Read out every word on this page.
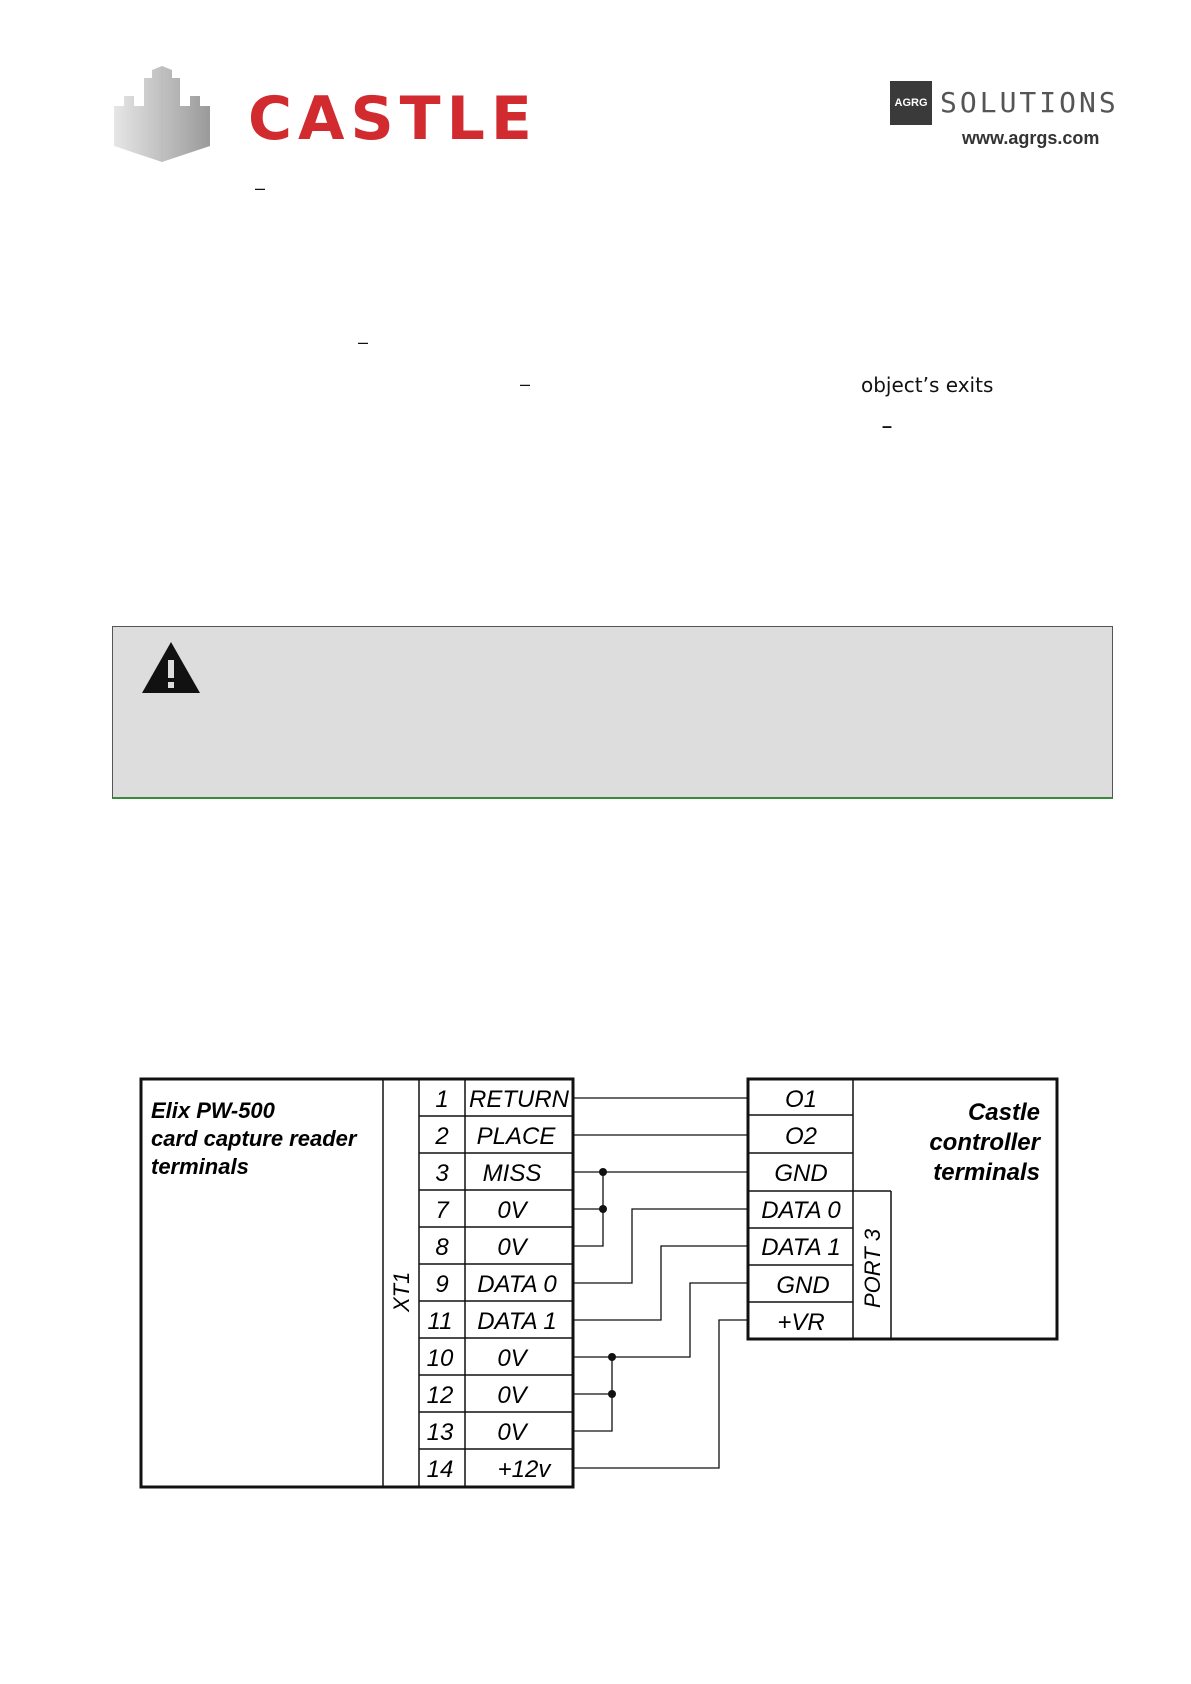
CASTLE	AGRG SOLUTIONS
www.agrgs.com
–
–
–	object’s exits
–
Elix PW-500
card capture reader
terminals
XT1
1 RETURN
2 PLACE
3 MISS
7 0V
8 0V
9 DATA 0
11 DATA 1
10 0V
12 0V
13 0V
14 +12v
O1
O2
GND
DATA 0
DATA 1
GND
+VR
PORT 3
Castle
controller
terminals
